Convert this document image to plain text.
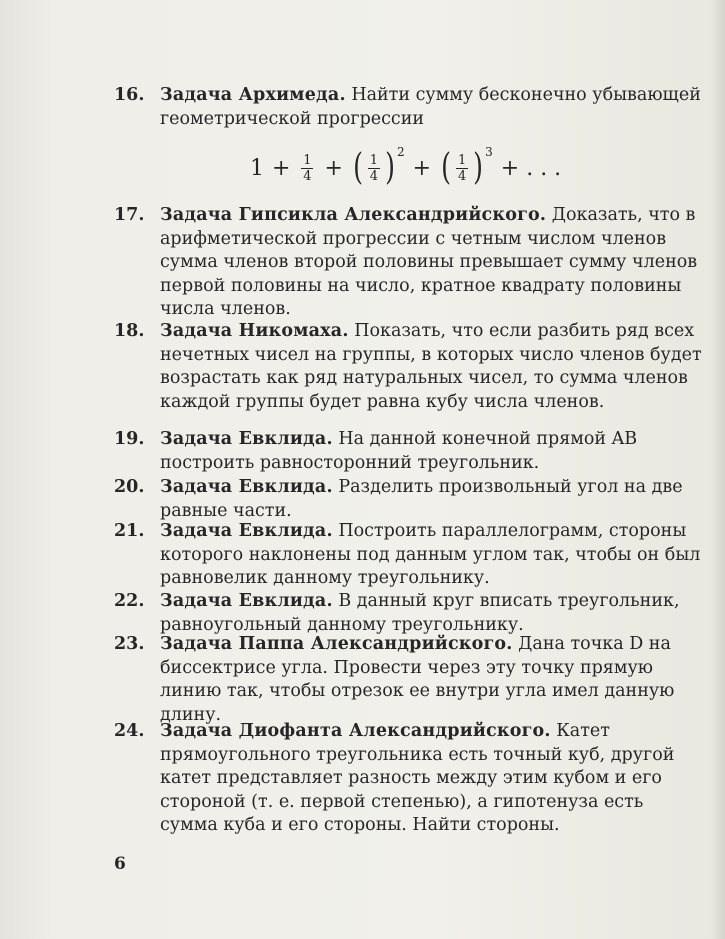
16. Задача Архимеда. Найти сумму бесконечно убывающей геометрической прогрессии
$1 + \frac{1}{4}$ + ( $\frac{1}{4}$ ) 2
+ ( $\frac{1}{4}$ ) 3
+ . . .
17. Задача Гипсикла Александрийского. Доказать, что в арифметической прогрессии с четным числом членов сумма членов второй половины превышает сумму членов первой половины на число, кратное квадрату половины числа членов.
18. Задача Никомаха. Показать, что если разбить ряд всех нечетных чисел на группы, в которых число членов будет возрастать как ряд натуральных чисел, то сумма членов каждой группы будет равна кубу числа членов.
19. Задача Евклида. На данной конечной прямой AB построить равносторонний треугольник.
20. Задача Евклида. Разделить произвольный угол на две равные части.
21. Задача Евклида. Построить параллелограмм, стороны которого наклонены под данным углом так, чтобы он был равновелик данному треугольнику.
22. Задача Евклида. В данный круг вписать треугольник, равноугольный данному треугольнику.
23. Задача Паппа Александрийского. Дана точка D на биссектрисе угла. Провести через эту точку прямую линию так, чтобы отрезок ее внутри угла имел данную длину.
24. Задача Диофанта Александрийского. Катет прямоугольного треугольника есть точный куб, другой катет представляет разность между этим кубом и его стороной (т. е. первой степенью), а гипотенуза есть сумма куба и его стороны. Найти стороны.
6
